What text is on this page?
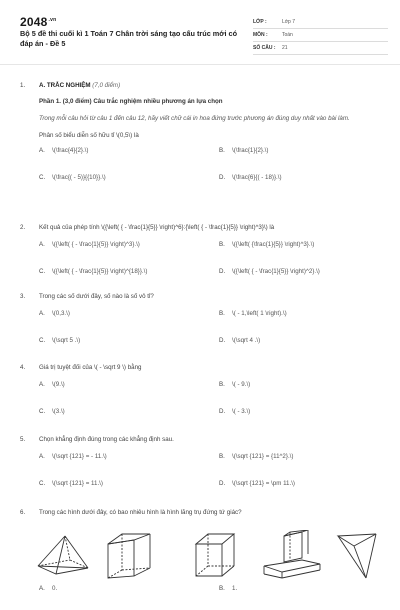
$2048^{.vn}$
Bộ 5 đề thi cuối kì 1 Toán 7 Chân trời sáng tạo cấu trúc mới có đáp án - Đề 5
LỚP :	Lớp 7
MÔN :	Toán
SỐ CÂU :	21
1.	A. TRẮC NGHIỆM (7,0 điểm)
Phần 1. (3,0 điểm) Câu trắc nghiệm nhiều phương án lựa chọn
Trong mỗi câu hỏi từ câu 1 đến câu 12, hãy viết chữ cái in hoa đứng trước phương án đúng duy nhất vào bài làm.
Phân số biểu diễn số hữu tỉ \(0,5\) là
A.	\(\frac{4}{2}.\)	B.	\(\frac{1}{2}.\)
C.	\(\frac{( - 5)}{{10}}.\)	D.	\(\frac{6}{( - 18)}.\)
2.	Kết quả của phép tính \({\left( { - \frac{1}{5}} \right)^6}:{\left( { - \frac{1}{5}} \right)^3}\) là
A.	\({\left( { - \frac{1}{5}} \right)^3}.\)	B.	\({\left( {\frac{1}{5}} \right)^3}.\)
C.	\({\left( { - \frac{1}{5}} \right)^{18}}.\)	D.	\({\left( { - \frac{1}{5}} \right)^2}.\)
3.	Trong các số dưới đây, số nào là số vô tỉ?
A.	\(0,3.\)	B.	\( - 1,\left( 1 \right).\)
C.	\(\sqrt 5 .\)	D.	\(\sqrt 4 .\)
4.	Giá trị tuyệt đối của \( - \sqrt 9 \) bằng
A.	\(9.\)	B.	\( - 9.\)
C.	\(3.\)	D.	\( - 3.\)
5.	Chọn khẳng định đúng trong các khẳng định sau.
A.	\(\sqrt {121} = - 11.\)	B.	\(\sqrt {121} = {11^2}.\)
C.	\(\sqrt {121} = 11.\)	D.	\(\sqrt {121} = \pm 11.\)
6.	Trong các hình dưới đây, có bao nhiêu hình là hình lăng trụ đứng tứ giác?
A.	0.	B.	1.
